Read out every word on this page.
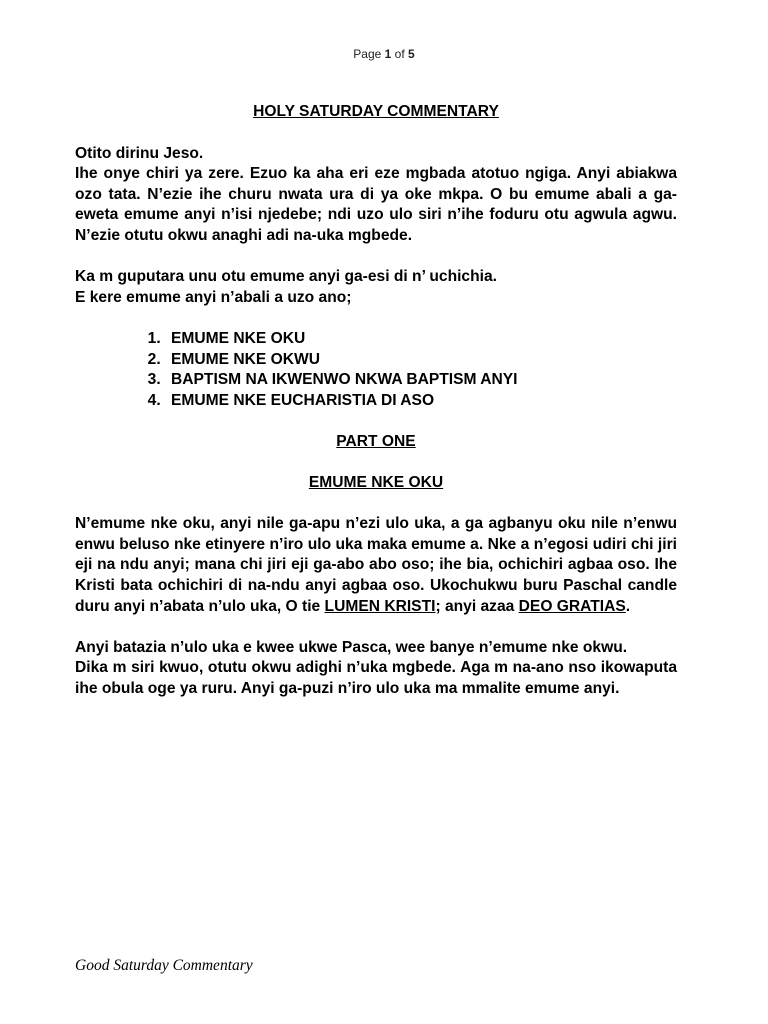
Page 1 of 5
HOLY SATURDAY COMMENTARY

Otito dirinu Jeso.

Ihe onye chiri ya zere. Ezuo ka aha eri eze mgbada atotuo ngiga. Anyi abiakwa ozo tata. N’ezie ihe churu nwata ura di ya oke mkpa. O bu emume abali a ga-eweta emume anyi n’isi njedebe; ndi uzo ulo siri n’ihe foduru otu agwula agwu. N’ezie otutu okwu anaghi adi na-uka mgbede.

Ka m guputara unu otu emume anyi ga-esi di n’ uchichia.

E kere emume anyi n’abali a uzo ano;

1. EMUME NKE OKU
2. EMUME NKE OKWU
3. BAPTISM NA IKWENWO NKWA BAPTISM ANYI
4. EMUME NKE EUCHARISTIA DI ASO

PART ONE

EMUME NKE OKU

N’emume nke oku, anyi nile ga-apu n’ezi ulo uka, a ga agbanyu oku nile n’enwu enwu beluso nke etinyere n’iro ulo uka maka emume a. Nke a n’egosi udiri chi jiri eji na ndu anyi; mana chi jiri eji ga-abo abo oso; ihe bia, ochichiri agbaa oso. Ihe Kristi bata ochichiri di na-ndu anyi agbaa oso. Ukochukwu buru Paschal candle duru anyi n’abata n’ulo uka, O tie LUMEN KRISTI; anyi azaa DEO GRATIAS.

Anyi batazia n’ulo uka e kwee ukwe Pasca, wee banye n’emume nke okwu.

Dika m siri kwuo, otutu okwu adighi n’uka mgbede. Aga m na-ano nso ikowaputa ihe obula oge ya ruru. Anyi ga-puzi n’iro ulo uka ma mmalite emume anyi.

Good Saturday Commentary
